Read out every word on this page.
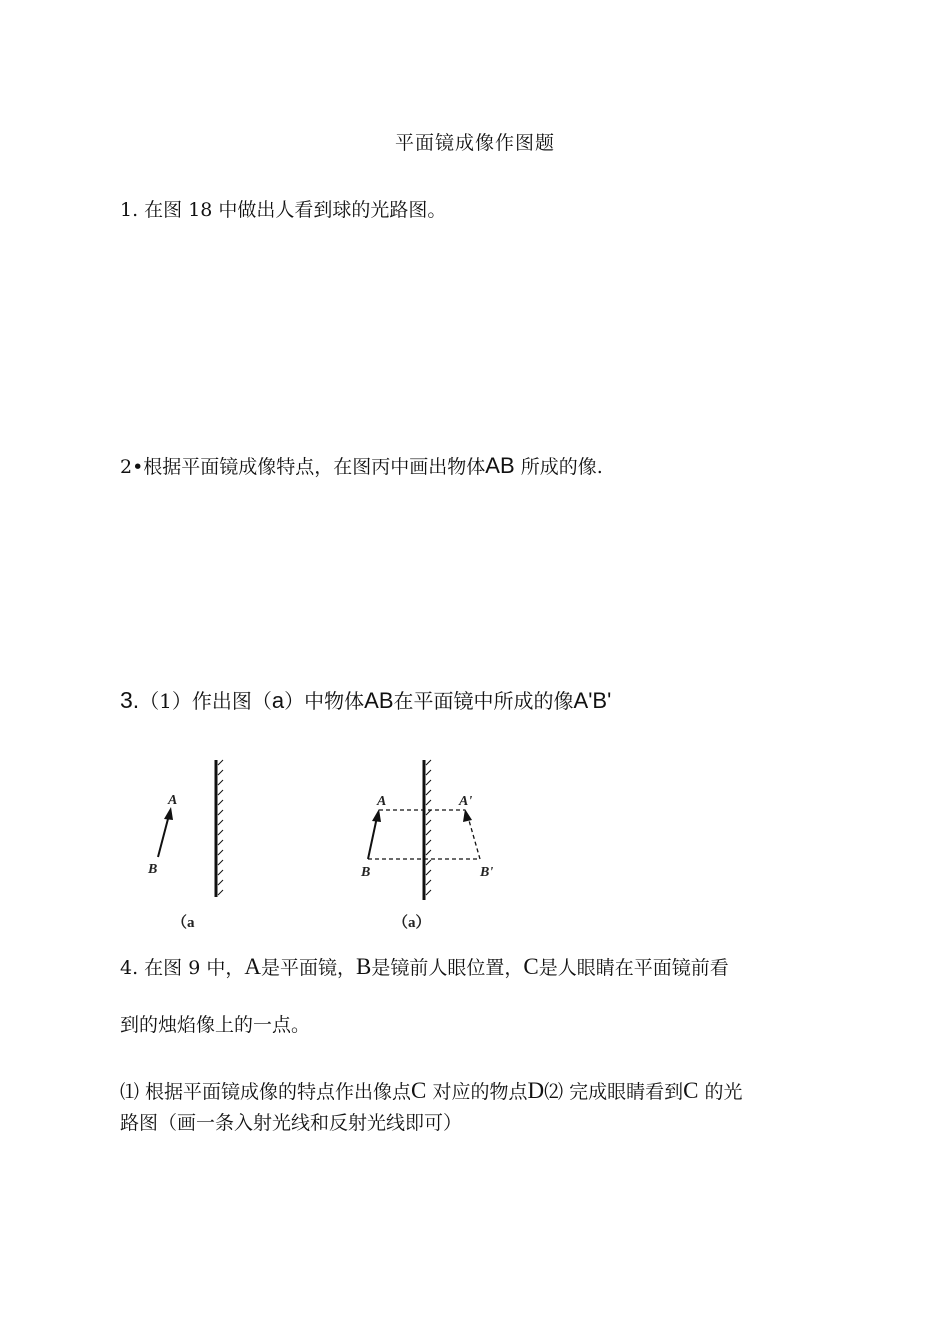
平面镜成像作图题
1. 在图 18 中做出人看到球的光路图。
2•根据平面镜成像特点，在图丙中画出物体AB 所成的像.
3.（1）作出图（a）中物体AB在平面镜中所成的像A'B'
A
B
（a
A
B
A'
B'
（a）
4. 在图 9 中，A是平面镜，B是镜前人眼位置，C是人眼睛在平面镜前看
到的烛焰像上的一点。
⑴ 根据平面镜成像的特点作出像点C 对应的物点D⑵ 完成眼睛看到C 的光
路图（画一条入射光线和反射光线即可）
